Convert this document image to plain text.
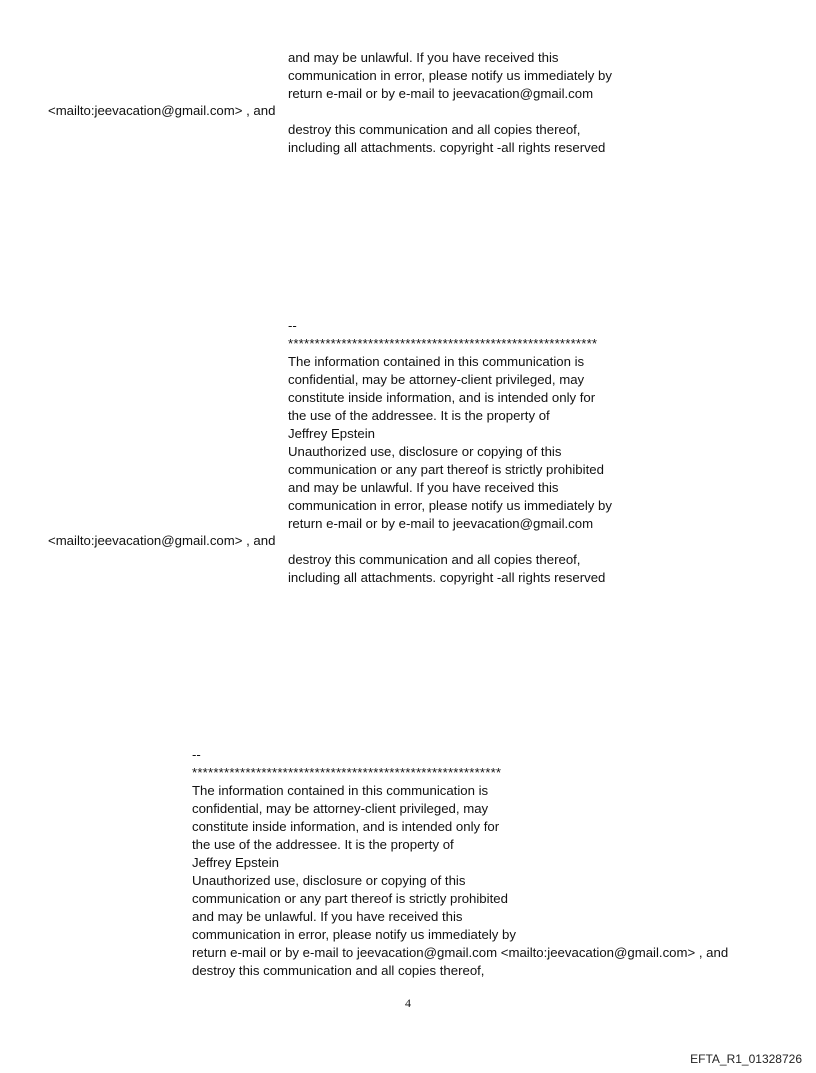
and may be unlawful. If you have received this
communication in error, please notify us immediately by
return e-mail or by e-mail to jeevacation@gmail.com
<mailto:jeevacation@gmail.com> , and
destroy this communication and all copies thereof,
including all attachments. copyright -all rights reserved
--
**********************************************************
The information contained in this communication is
confidential, may be attorney-client privileged, may
constitute inside information, and is intended only for
the use of the addressee. It is the property of
Jeffrey Epstein
Unauthorized use, disclosure or copying of this
communication or any part thereof is strictly prohibited
and may be unlawful. If you have received this
communication in error, please notify us immediately by
return e-mail or by e-mail to jeevacation@gmail.com
<mailto:jeevacation@gmail.com> , and
destroy this communication and all copies thereof,
including all attachments. copyright -all rights reserved
--
**********************************************************
The information contained in this communication is
confidential, may be attorney-client privileged, may
constitute inside information, and is intended only for
the use of the addressee. It is the property of
Jeffrey Epstein
Unauthorized use, disclosure or copying of this
communication or any part thereof is strictly prohibited
and may be unlawful. If you have received this
communication in error, please notify us immediately by
return e-mail or by e-mail to jeevacation@gmail.com <mailto:jeevacation@gmail.com> , and
destroy this communication and all copies thereof,
4
EFTA_R1_01328726
